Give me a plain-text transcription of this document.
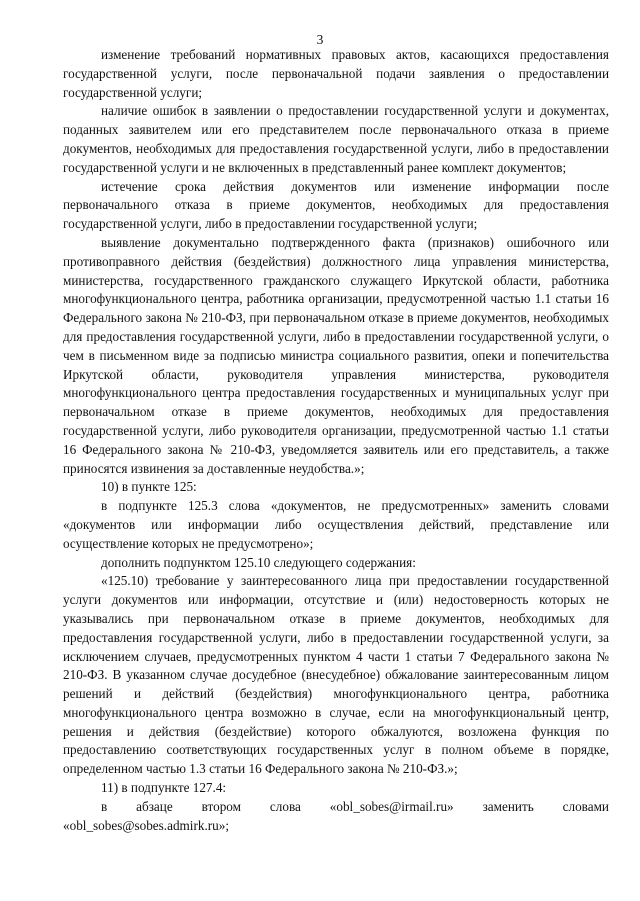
3

изменение требований нормативных правовых актов, касающихся предоставления государственной услуги, после первоначальной подачи заявления о предоставлении государственной услуги;

наличие ошибок в заявлении о предоставлении государственной услуги и документах, поданных заявителем или его представителем после первоначального отказа в приеме документов, необходимых для предоставления государственной услуги, либо в предоставлении государственной услуги и не включенных в представленный ранее комплект документов;

истечение срока действия документов или изменение информации после первоначального отказа в приеме документов, необходимых для предоставления государственной услуги, либо в предоставлении государственной услуги;

выявление документально подтвержденного факта (признаков) ошибочного или противоправного действия (бездействия) должностного лица управления министерства, министерства, государственного гражданского служащего Иркутской области, работника многофункционального центра, работника организации, предусмотренной частью 1.1 статьи 16 Федерального закона № 210-ФЗ, при первоначальном отказе в приеме документов, необходимых для предоставления государственной услуги, либо в предоставлении государственной услуги, о чем в письменном виде за подписью министра социального развития, опеки и попечительства Иркутской области, руководителя управления министерства, руководителя многофункционального центра предоставления государственных и муниципальных услуг при первоначальном отказе в приеме документов, необходимых для предоставления государственной услуги, либо руководителя организации, предусмотренной частью 1.1 статьи 16 Федерального закона № 210-ФЗ, уведомляется заявитель или его представитель, а также приносятся извинения за доставленные неудобства.»;

10) в пункте 125:

в подпункте 125.3 слова «документов, не предусмотренных» заменить словами «документов или информации либо осуществления действий, представление или осуществление которых не предусмотрено»;

дополнить подпунктом 125.10 следующего содержания:

«125.10) требование у заинтересованного лица при предоставлении государственной услуги документов или информации, отсутствие и (или) недостоверность которых не указывались при первоначальном отказе в приеме документов, необходимых для предоставления государственной услуги, либо в предоставлении государственной услуги, за исключением случаев, предусмотренных пунктом 4 части 1 статьи 7 Федерального закона № 210-ФЗ. В указанном случае досудебное (внесудебное) обжалование заинтересованным лицом решений и действий (бездействия) многофункционального центра, работника многофункционального центра возможно в случае, если на многофункциональный центр, решения и действия (бездействие) которого обжалуются, возложена функция по предоставлению соответствующих государственных услуг в полном объеме в порядке, определенном частью 1.3 статьи 16 Федерального закона № 210-ФЗ.»;

11) в подпункте 127.4:

в абзаце втором слова «obl_sobes@irmail.ru» заменить словами «obl_sobes@sobes.admirk.ru»;
